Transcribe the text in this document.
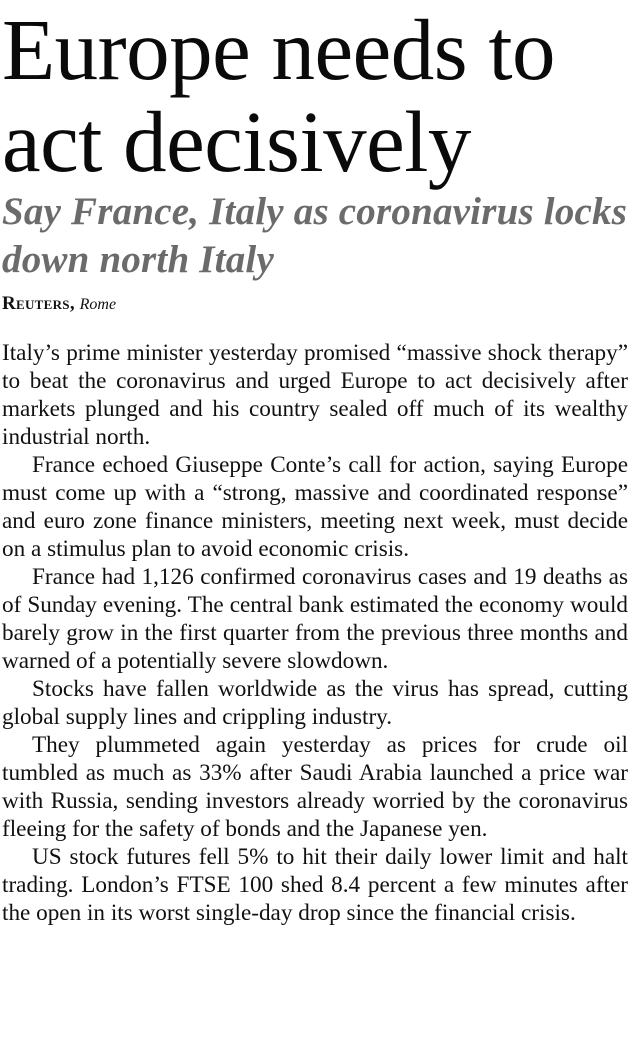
Europe needs to act decisively
Say France, Italy as coronavirus locks down north Italy
Reuters, Rome

Italy’s prime minister yesterday promised “massive shock therapy” to beat the coronavirus and urged Europe to act decisively after markets plunged and his country sealed off much of its wealthy industrial north.

France echoed Giuseppe Conte’s call for action, saying Europe must come up with a “strong, massive and coordinated response” and euro zone finance ministers, meeting next week, must decide on a stimulus plan to avoid economic crisis.

France had 1,126 confirmed coronavirus cases and 19 deaths as of Sunday evening. The central bank estimated the economy would barely grow in the first quarter from the previous three months and warned of a potentially severe slowdown.

Stocks have fallen worldwide as the virus has spread, cutting global supply lines and crippling industry.

They plummeted again yesterday as prices for crude oil tumbled as much as 33% after Saudi Arabia launched a price war with Russia, sending investors already worried by the coronavirus fleeing for the safety of bonds and the Japanese yen.

US stock futures fell 5% to hit their daily lower limit and halt trading. London’s FTSE 100 shed 8.4 percent a few minutes after the open in its worst single-day drop since the financial crisis.
